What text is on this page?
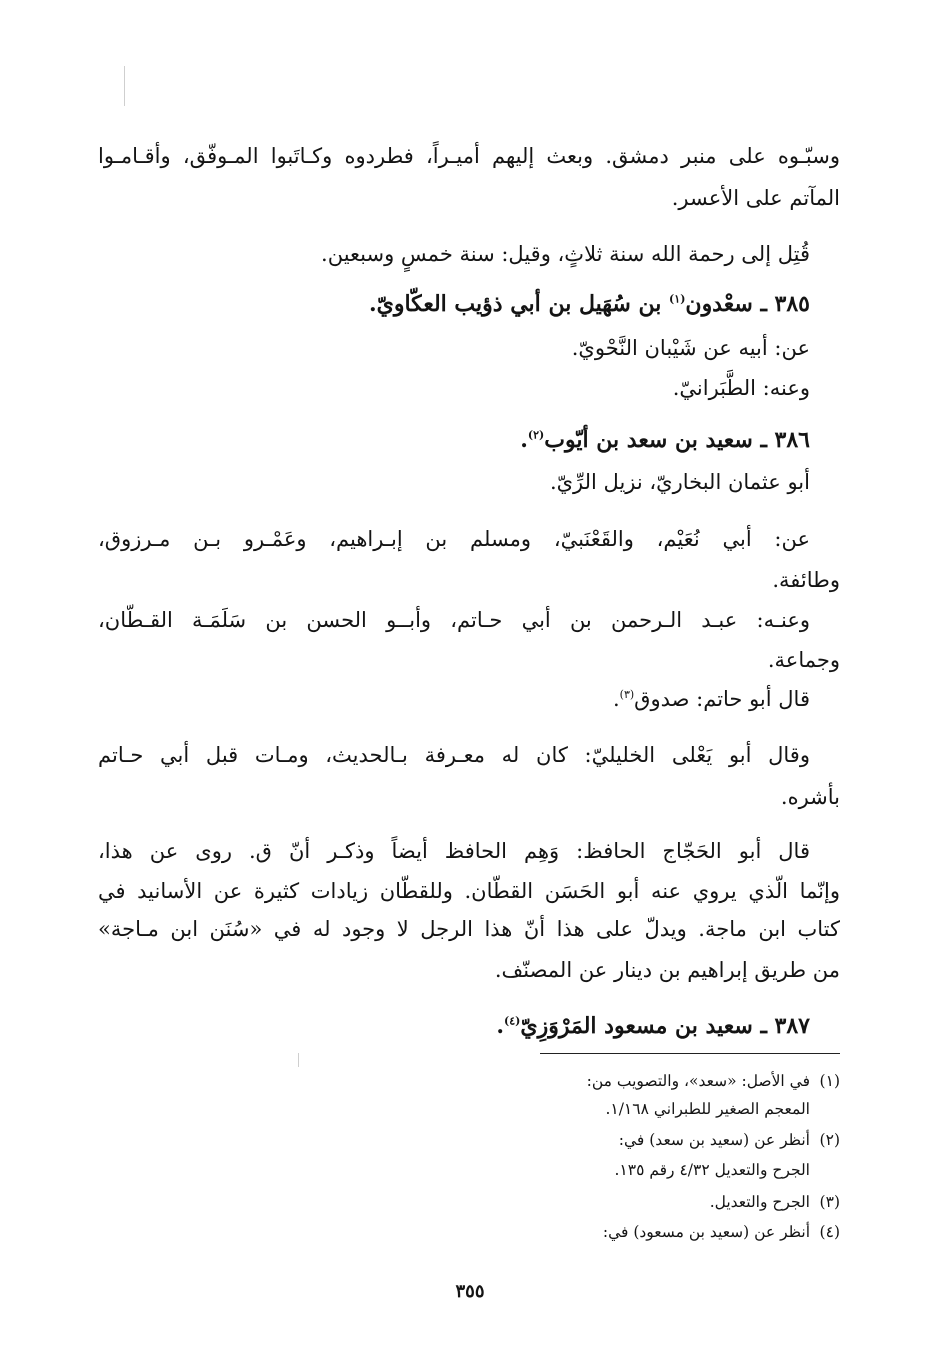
وسبّـوه على منبر دمشق. وبعث إليهم أميـراً، فطردوه وكـاتَبوا المـوفّق، وأقـامـوا
المآتم على الأعسر.
قُتِل إلى رحمة الله سنة ثلاثٍ، وقيل: سنة خمسٍ وسبعين.
٣٨٥ ـ سعْدون$^{(١)}$ بن سُهَيل بن أبي ذؤيب العكّاويّ.
عن: أبيه عن شَيْبان النَّحْويّ.
وعنه: الطَّبَرانيّ.
٣٨٦ ـ سعيد بن سعد بن أيّوب$^{(٢)}$.
أبو عثمان البخاريّ، نزيل الرِّيّ.
عن: أبي نُعَيْم، والقَعْنَبيّ، ومسلم بن إبـراهيم، وعَمْـرو بـن مـرزوق،
وطائفة.
وعنـه: عبـد الـرحمن بن أبي حـاتم، وأبــو الحسن بن سَلَمَـة القـطّان،
وجماعة.
قال أبو حاتم: صدوق$^{(٣)}$.
وقال أبو يَعْلى الخليليّ: كان له معـرفة بـالحديث، ومـات قبل أبي حـاتم
بأشره.
قال أبو الحَجّاج الحافظ: وَهِم الحافظ أيضاً وذكـر أنّ ق. روى عن هذا،
وإنّما الّذي يروي عنه أبو الحَسَن القطّان. وللقطّان زيادات كثيرة عن الأسانيد في
كتاب ابن ماجة. ويدلّ على هذا أنّ هذا الرجل لا وجود له في «سُنَن ابن مـاجة»
من طريق إبراهيم بن دينار عن المصنّف.
٣٨٧ ـ سعيد بن مسعود المَرْوَزِيّ$^{(٤)}$.
(١)في الأصل: «سعد»، والتصويب من:
المعجم الصغير للطبراني ١/١٦٨.
(٢)أنظر عن (سعيد بن سعد) في:
الجرح والتعديل ٤/٣٢ رقم ١٣٥.
(٣)الجرح والتعديل.
(٤)أنظر عن (سعيد بن مسعود) في:
٣٥٥
